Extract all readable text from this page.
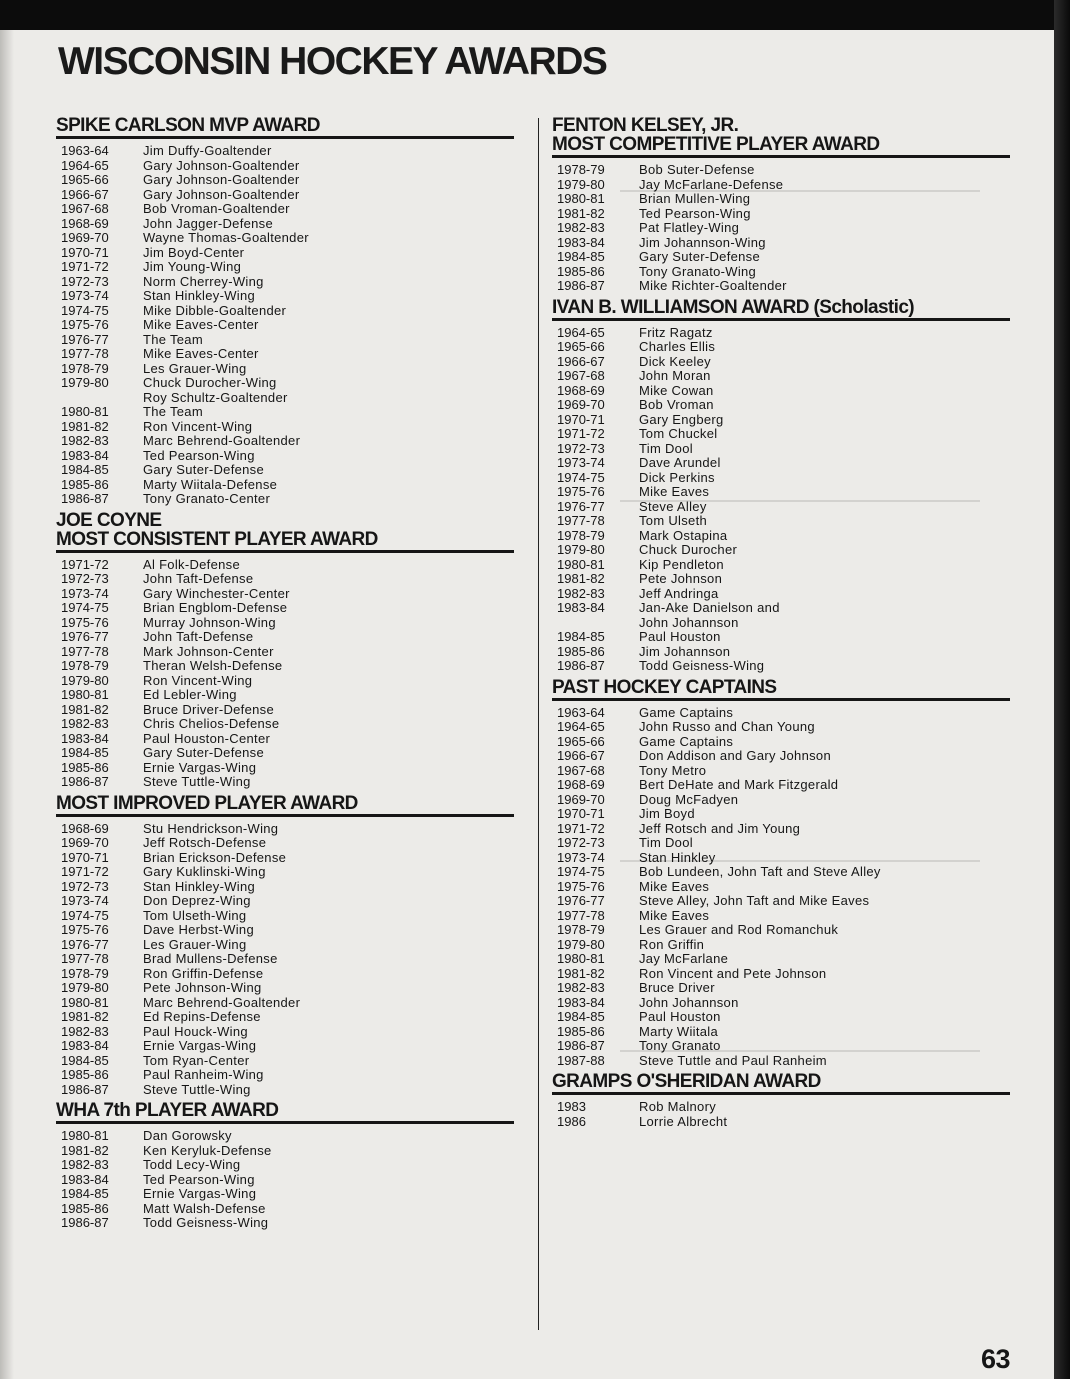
WISCONSIN HOCKEY AWARDS
SPIKE CARLSON MVP AWARD
1963-64	Jim Duffy-Goaltender
1964-65	Gary Johnson-Goaltender
1965-66	Gary Johnson-Goaltender
1966-67	Gary Johnson-Goaltender
1967-68	Bob Vroman-Goaltender
1968-69	John Jagger-Defense
1969-70	Wayne Thomas-Goaltender
1970-71	Jim Boyd-Center
1971-72	Jim Young-Wing
1972-73	Norm Cherrey-Wing
1973-74	Stan Hinkley-Wing
1974-75	Mike Dibble-Goaltender
1975-76	Mike Eaves-Center
1976-77	The Team
1977-78	Mike Eaves-Center
1978-79	Les Grauer-Wing
1979-80	Chuck Durocher-Wing
Roy Schultz-Goaltender
1980-81	The Team
1981-82	Ron Vincent-Wing
1982-83	Marc Behrend-Goaltender
1983-84	Ted Pearson-Wing
1984-85	Gary Suter-Defense
1985-86	Marty Wiitala-Defense
1986-87	Tony Granato-Center
JOE COYNE
MOST CONSISTENT PLAYER AWARD
1971-72	Al Folk-Defense
1972-73	John Taft-Defense
1973-74	Gary Winchester-Center
1974-75	Brian Engblom-Defense
1975-76	Murray Johnson-Wing
1976-77	John Taft-Defense
1977-78	Mark Johnson-Center
1978-79	Theran Welsh-Defense
1979-80	Ron Vincent-Wing
1980-81	Ed Lebler-Wing
1981-82	Bruce Driver-Defense
1982-83	Chris Chelios-Defense
1983-84	Paul Houston-Center
1984-85	Gary Suter-Defense
1985-86	Ernie Vargas-Wing
1986-87	Steve Tuttle-Wing
MOST IMPROVED PLAYER AWARD
1968-69	Stu Hendrickson-Wing
1969-70	Jeff Rotsch-Defense
1970-71	Brian Erickson-Defense
1971-72	Gary Kuklinski-Wing
1972-73	Stan Hinkley-Wing
1973-74	Don Deprez-Wing
1974-75	Tom Ulseth-Wing
1975-76	Dave Herbst-Wing
1976-77	Les Grauer-Wing
1977-78	Brad Mullens-Defense
1978-79	Ron Griffin-Defense
1979-80	Pete Johnson-Wing
1980-81	Marc Behrend-Goaltender
1981-82	Ed Repins-Defense
1982-83	Paul Houck-Wing
1983-84	Ernie Vargas-Wing
1984-85	Tom Ryan-Center
1985-86	Paul Ranheim-Wing
1986-87	Steve Tuttle-Wing
WHA 7th PLAYER AWARD
1980-81	Dan Gorowsky
1981-82	Ken Keryluk-Defense
1982-83	Todd Lecy-Wing
1983-84	Ted Pearson-Wing
1984-85	Ernie Vargas-Wing
1985-86	Matt Walsh-Defense
1986-87	Todd Geisness-Wing
FENTON KELSEY, JR.
MOST COMPETITIVE PLAYER AWARD
1978-79	Bob Suter-Defense
1979-80	Jay McFarlane-Defense
1980-81	Brian Mullen-Wing
1981-82	Ted Pearson-Wing
1982-83	Pat Flatley-Wing
1983-84	Jim Johannson-Wing
1984-85	Gary Suter-Defense
1985-86	Tony Granato-Wing
1986-87	Mike Richter-Goaltender
IVAN B. WILLIAMSON AWARD (Scholastic)
1964-65	Fritz Ragatz
1965-66	Charles Ellis
1966-67	Dick Keeley
1967-68	John Moran
1968-69	Mike Cowan
1969-70	Bob Vroman
1970-71	Gary Engberg
1971-72	Tom Chuckel
1972-73	Tim Dool
1973-74	Dave Arundel
1974-75	Dick Perkins
1975-76	Mike Eaves
1976-77	Steve Alley
1977-78	Tom Ulseth
1978-79	Mark Ostapina
1979-80	Chuck Durocher
1980-81	Kip Pendleton
1981-82	Pete Johnson
1982-83	Jeff Andringa
1983-84	Jan-Ake Danielson and
John Johannson
1984-85	Paul Houston
1985-86	Jim Johannson
1986-87	Todd Geisness-Wing
PAST HOCKEY CAPTAINS
1963-64	Game Captains
1964-65	John Russo and Chan Young
1965-66	Game Captains
1966-67	Don Addison and Gary Johnson
1967-68	Tony Metro
1968-69	Bert DeHate and Mark Fitzgerald
1969-70	Doug McFadyen
1970-71	Jim Boyd
1971-72	Jeff Rotsch and Jim Young
1972-73	Tim Dool
1973-74	Stan Hinkley
1974-75	Bob Lundeen, John Taft and Steve Alley
1975-76	Mike Eaves
1976-77	Steve Alley, John Taft and Mike Eaves
1977-78	Mike Eaves
1978-79	Les Grauer and Rod Romanchuk
1979-80	Ron Griffin
1980-81	Jay McFarlane
1981-82	Ron Vincent and Pete Johnson
1982-83	Bruce Driver
1983-84	John Johannson
1984-85	Paul Houston
1985-86	Marty Wiitala
1986-87	Tony Granato
1987-88	Steve Tuttle and Paul Ranheim
GRAMPS O'SHERIDAN AWARD
1983	Rob Malnory
1986	Lorrie Albrecht
63
